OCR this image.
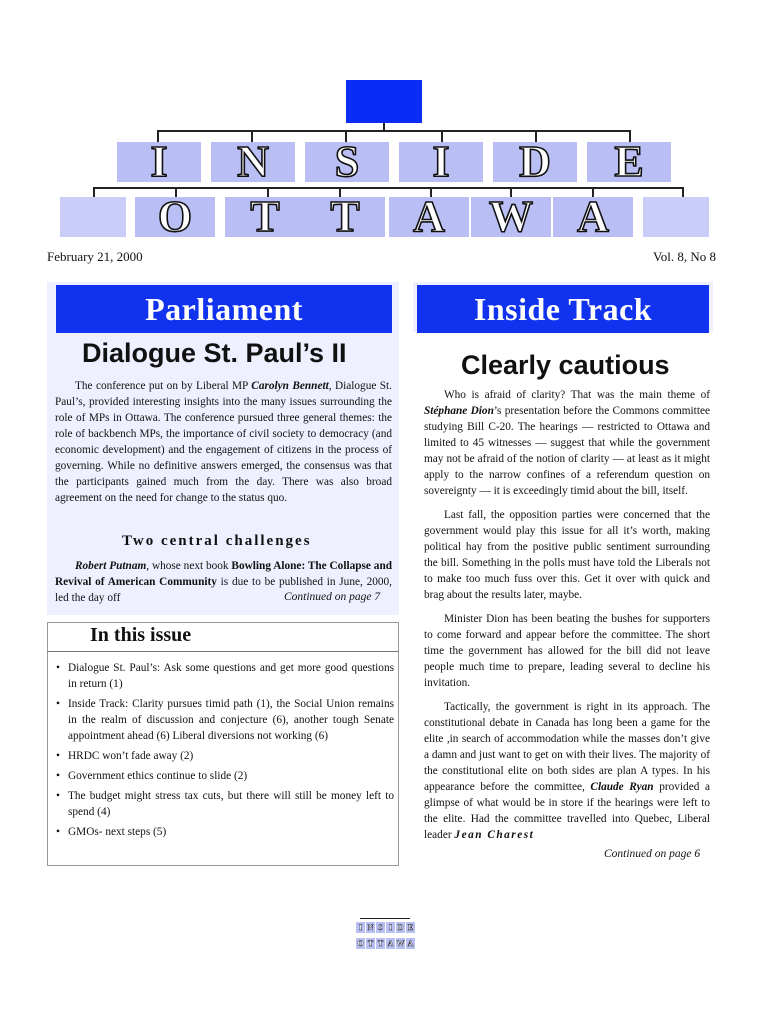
I N S I D E
O T T A W A
February 21, 2000	Vol. 8, No 8
Parliament
Dialogue St. Paul’s II

The conference put on by Liberal MP Carolyn Bennett, Dialogue St. Paul’s, provided interesting insights into the many issues surrounding the role of MPs in Ottawa. The conference pursued three general themes: the role of backbench MPs, the importance of civil society to democracy (and economic development) and the engagement of citizens in the process of governing. While no definitive answers emerged, the consensus was that the participants gained much from the day. There was also broad agreement on the need for change to the status quo.

Two central challenges

Robert Putnam, whose next book Bowling Alone: The Collapse and Revival of American Community is due to be published in June, 2000, led the day off	Continued on page 7
In this issue
• Dialogue St. Paul’s: Ask some questions and get more good questions in return (1)
• Inside Track: Clarity pursues timid path (1), the Social Union remains in the realm of discussion and conjecture (6), another tough Senate appointment ahead (6) Liberal diversions not working (6)
• HRDC won’t fade away (2)
• Government ethics continue to slide (2)
• The budget might stress tax cuts, but there will still be money left to spend (4)
• GMOs- next steps (5)
Inside Track
Clearly cautious

Who is afraid of clarity? That was the main theme of Stéphane Dion’s presentation before the Commons committee studying Bill C-20. The hearings — restricted to Ottawa and limited to 45 witnesses — suggest that while the government may not be afraid of the notion of clarity — at least as it might apply to the narrow confines of a referendum question on sovereignty — it is exceedingly timid about the bill, itself.

Last fall, the opposition parties were concerned that the government would play this issue for all it’s worth, making political hay from the positive public sentiment surrounding the bill. Something in the polls must have told the Liberals not to make too much fuss over this. Get it over with quick and brag about the results later, maybe.

Minister Dion has been beating the bushes for supporters to come forward and appear before the committee. The short time the government has allowed for the bill did not leave people much time to prepare, leading several to decline his invitation.

Tactically, the government is right in its approach. The constitutional debate in Canada has long been a game for the elite ,in search of accommodation while the masses don’t give a damn and just want to get on with their lives. The majority of the constitutional elite on both sides are plan A types. In his appearance before the committee, Claude Ryan provided a glimpse of what would be in store if the hearings were left to the elite. Had the committee travelled into Quebec, Liberal leader Jean Charest

Continued on page 6
I N S I D E
O T T A W A
